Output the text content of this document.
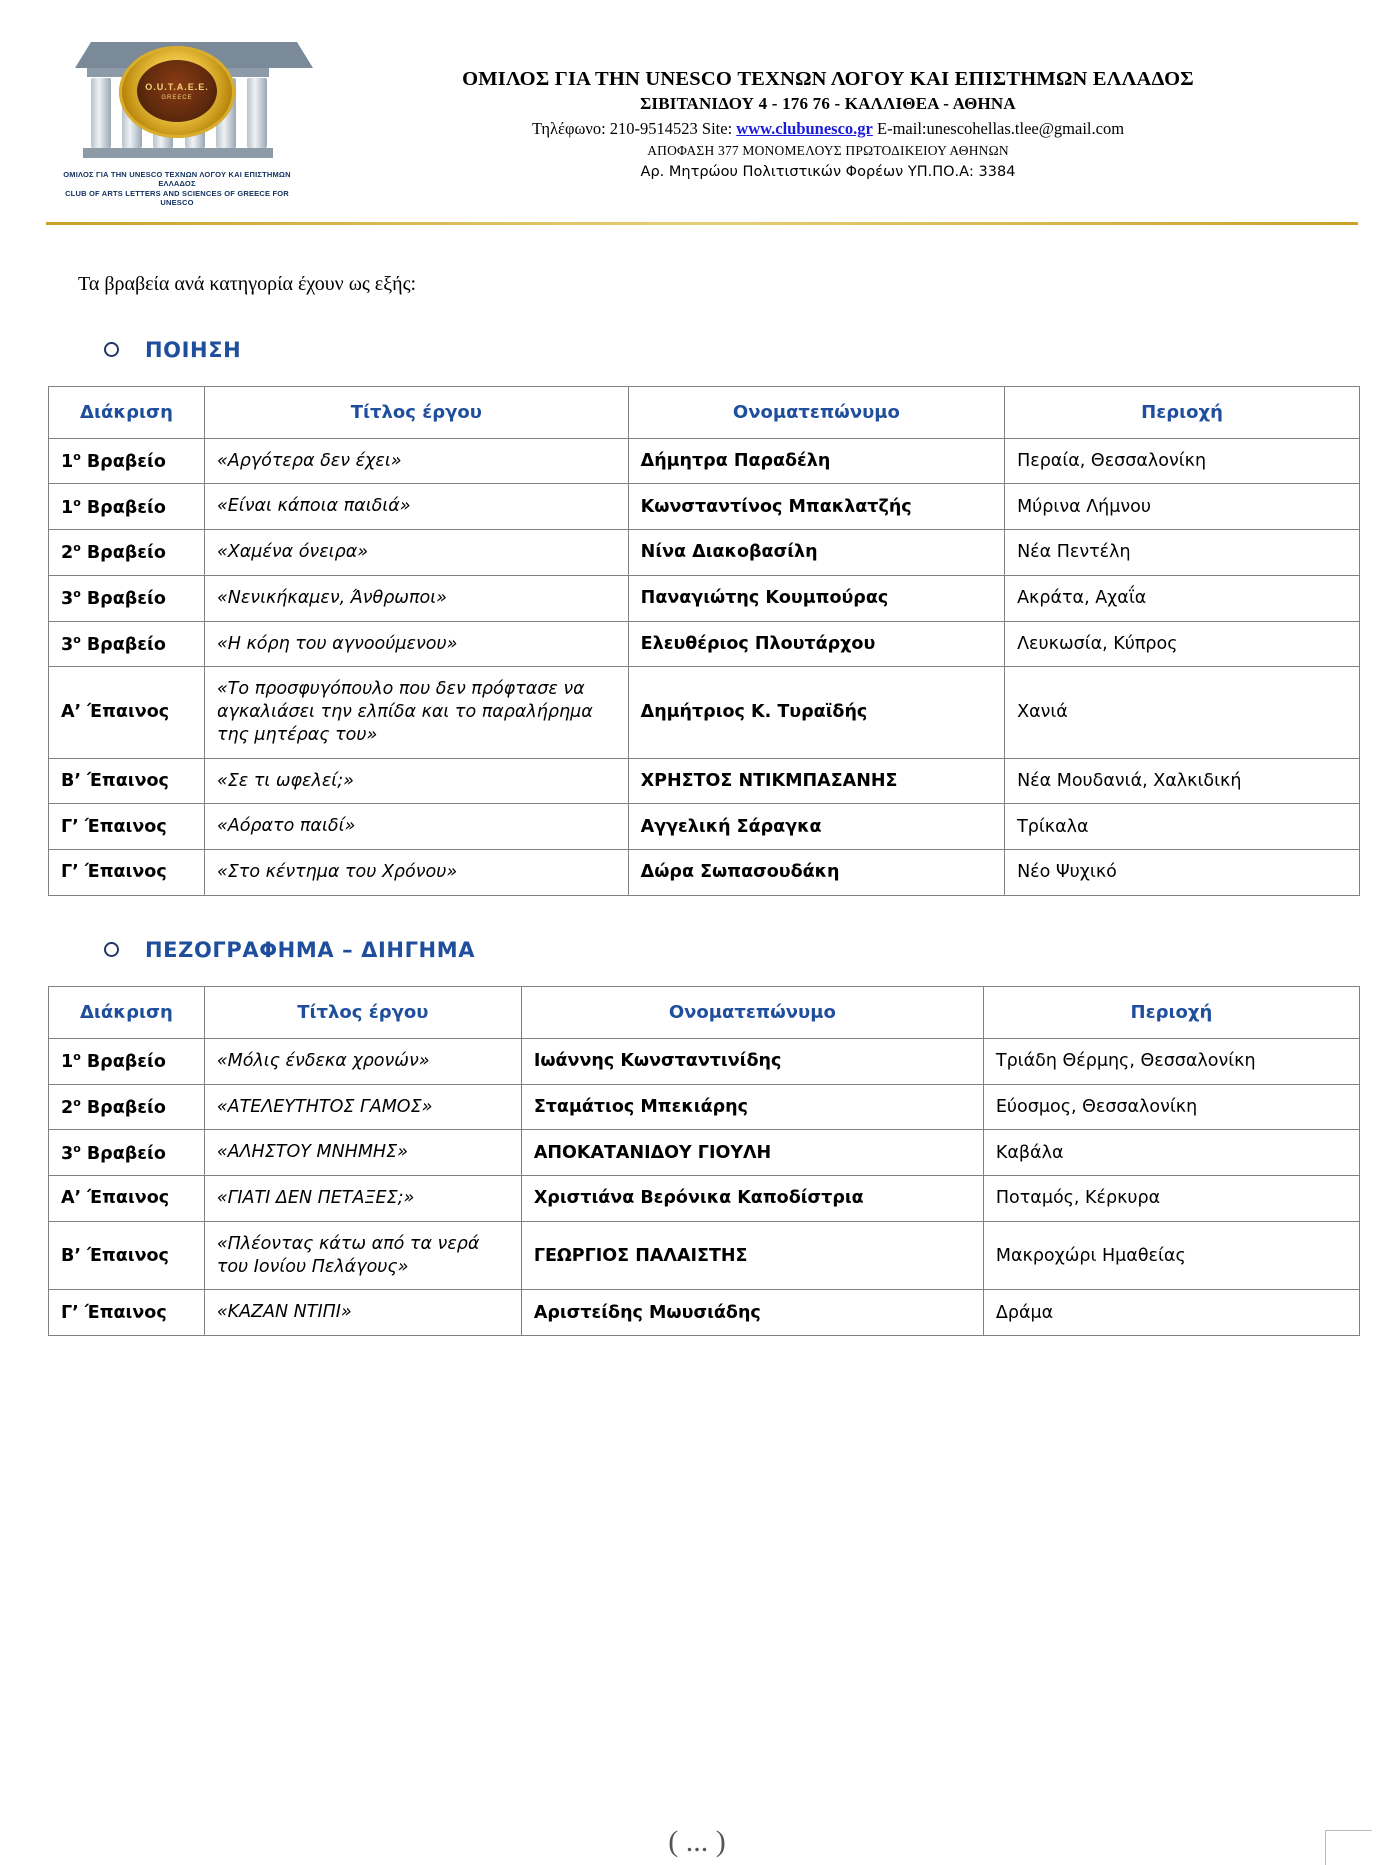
O.U.T.A.E.E.
GREECE
ΟΜΙΛΟΣ ΓΙΑ ΤΗΝ UNESCO ΤΕΧΝΩΝ ΛΟΓΟΥ ΚΑΙ ΕΠΙΣΤΗΜΩΝ ΕΛΛΑΔΟΣ
CLUB OF ARTS LETTERS AND SCIENCES OF GREECE FOR UNESCO
ΟΜΙΛΟΣ ΓΙΑ ΤΗΝ UNESCO ΤΕΧΝΩΝ ΛΟΓΟΥ ΚΑΙ ΕΠΙΣΤΗΜΩΝ ΕΛΛΑΔΟΣ
ΣΙΒΙΤΑΝΙΔΟΥ 4 - 176 76 - ΚΑΛΛΙΘΕΑ - ΑΘΗΝΑ
Τηλέφωνο: 210-9514523 Site: www.clubunesco.gr E-mail:unescohellas.tlee@gmail.com
ΑΠΟΦΑΣΗ 377 ΜΟΝΟΜΕΛΟΥΣ ΠΡΩΤΟΔΙΚΕΙΟΥ ΑΘΗΝΩΝ
Αρ. Μητρώου Πολιτιστικών Φορέων ΥΠ.ΠΟ.Α: 3384
Τα βραβεία ανά κατηγορία έχουν ως εξής:
ΠΟΙΗΣΗ
Διάκριση	Τίτλος έργου	Ονοματεπώνυμο	Περιοχή
$1^o$ Βραβείο	«Αργότερα δεν έχει»	Δήμητρα Παραδέλη	Περαία, Θεσσαλονίκη
$1^o$ Βραβείο	«Είναι κάποια παιδιά»	Κωνσταντίνος Μπακλατζής	Μύρινα Λήμνου
$2^o$ Βραβείο	«Χαμένα όνειρα»	Νίνα Διακοβασίλη	Νέα Πεντέλη
$3^o$ Βραβείο	«Νενικήκαμεν, Άνθρωποι»	Παναγιώτης Κουμπούρας	Ακράτα, Αχαΐα
$3^o$ Βραβείο	«Η κόρη του αγνοούμενου»	Ελευθέριος Πλουτάρχου	Λευκωσία, Κύπρος
Α’ Έπαινος	«Το προσφυγόπουλο που δεν πρόφτασε να αγκαλιάσει την ελπίδα και το παραλήρημα της μητέρας του»	Δημήτριος Κ. Τυραϊδής	Χανιά
Β’ Έπαινος	«Σε τι ωφελεί;»	ΧΡΗΣΤΟΣ ΝΤΙΚΜΠΑΣΑΝΗΣ	Νέα Μουδανιά, Χαλκιδική
Γ’ Έπαινος	«Αόρατο παιδί»	Αγγελική Σάραγκα	Τρίκαλα
Γ’ Έπαινος	«Στο κέντημα του Χρόνου»	Δώρα Σωπασουδάκη	Νέο Ψυχικό
ΠΕΖΟΓΡΑΦΗΜΑ – ΔΙΗΓΗΜΑ
Διάκριση	Τίτλος έργου	Ονοματεπώνυμο	Περιοχή
$1^o$ Βραβείο	«Μόλις ένδεκα χρονών»	Ιωάννης Κωνσταντινίδης	Τριάδη Θέρμης, Θεσσαλονίκη
$2^o$ Βραβείο	«ΑΤΕΛΕΥΤΗΤΟΣ ΓΑΜΟΣ»	Σταμάτιος Μπεκιάρης	Εύοσμος, Θεσσαλονίκη
$3^o$ Βραβείο	«ΑΛΗΣΤΟΥ ΜΝΗΜΗΣ»	ΑΠΟΚΑΤΑΝΙΔΟΥ ΓΙΟΥΛΗ	Καβάλα
Α’ Έπαινος	«ΓΙΑΤΙ ΔΕΝ ΠΕΤΑΞΕΣ;»	Χριστιάνα Βερόνικα Καποδίστρια	Ποταμός, Κέρκυρα
Β’ Έπαινος	«Πλέοντας κάτω από τα νερά του Ιονίου Πελάγους»	ΓΕΩΡΓΙΟΣ ΠΑΛΑΙΣΤΗΣ	Μακροχώρι Ημαθείας
Γ’ Έπαινος	«ΚΑΖΑΝ ΝΤΙΠΙ»	Αριστείδης Μωυσιάδης	Δράμα
( ... )
